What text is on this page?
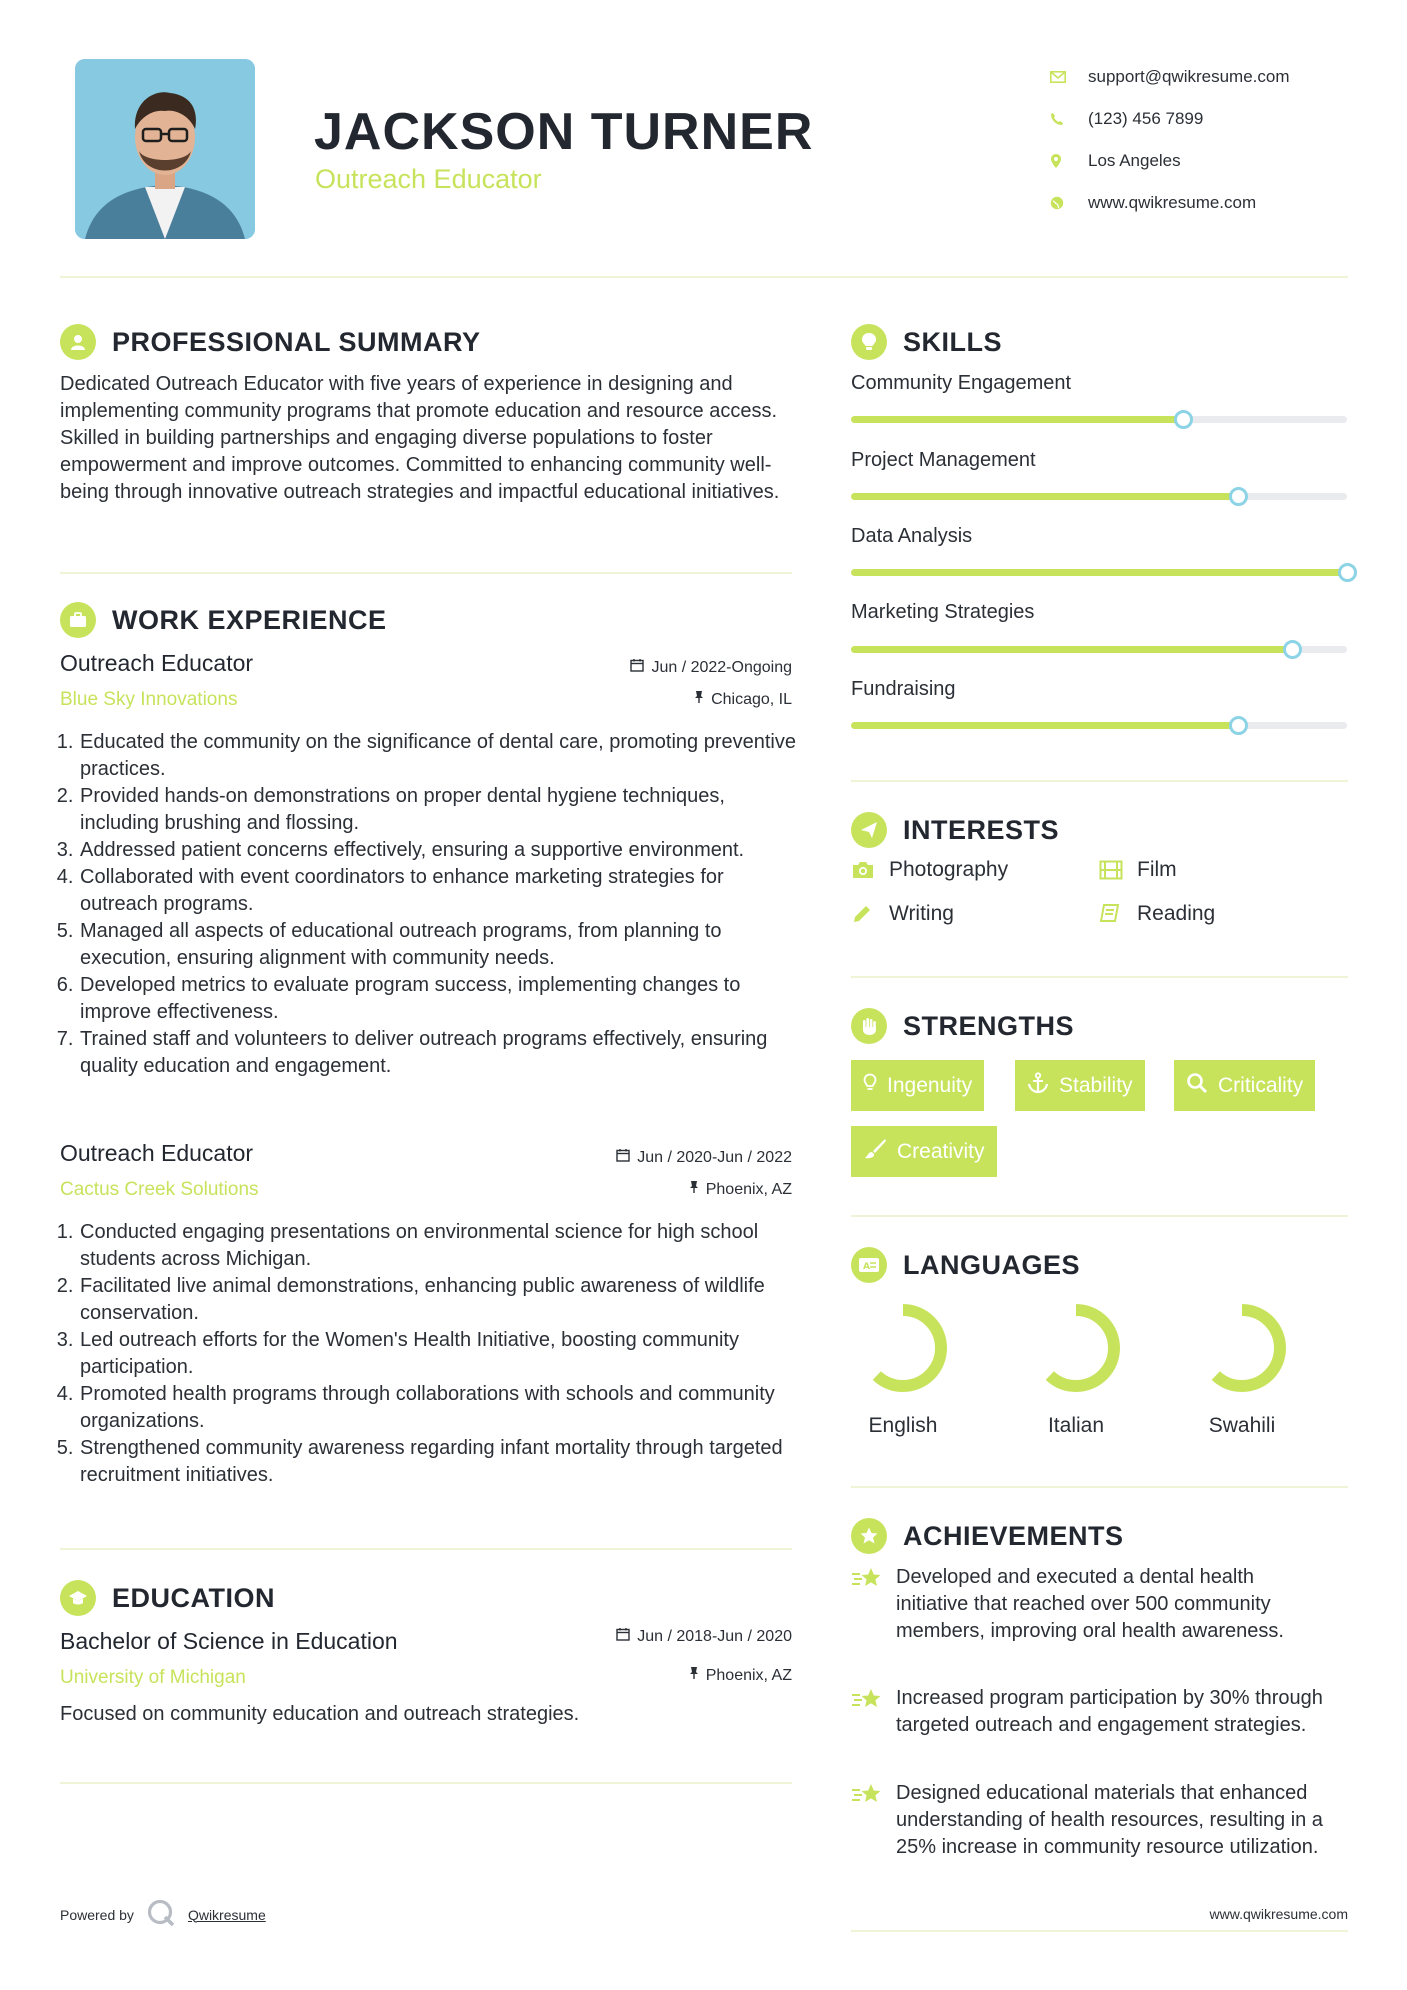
JACKSON TURNER
Outreach Educator
support@qwikresume.com
(123) 456 7899
Los Angeles
www.qwikresume.com
PROFESSIONAL SUMMARY
Dedicated Outreach Educator with five years of experience in designing and implementing community programs that promote education and resource access. Skilled in building partnerships and engaging diverse populations to foster empowerment and improve outcomes. Committed to enhancing community well-being through innovative outreach strategies and impactful educational initiatives.
WORK EXPERIENCE
Outreach Educator	Jun / 2022-Ongoing
Blue Sky Innovations	Chicago, IL
1. Educated the community on the significance of dental care, promoting preventive practices.
2. Provided hands-on demonstrations on proper dental hygiene techniques, including brushing and flossing.
3. Addressed patient concerns effectively, ensuring a supportive environment.
4. Collaborated with event coordinators to enhance marketing strategies for outreach programs.
5. Managed all aspects of educational outreach programs, from planning to execution, ensuring alignment with community needs.
6. Developed metrics to evaluate program success, implementing changes to improve effectiveness.
7. Trained staff and volunteers to deliver outreach programs effectively, ensuring quality education and engagement.
Outreach Educator	Jun / 2020-Jun / 2022
Cactus Creek Solutions	Phoenix, AZ
1. Conducted engaging presentations on environmental science for high school students across Michigan.
2. Facilitated live animal demonstrations, enhancing public awareness of wildlife conservation.
3. Led outreach efforts for the Women's Health Initiative, boosting community participation.
4. Promoted health programs through collaborations with schools and community organizations.
5. Strengthened community awareness regarding infant mortality through targeted recruitment initiatives.
EDUCATION
Bachelor of Science in Education	Jun / 2018-Jun / 2020
University of Michigan	Phoenix, AZ
Focused on community education and outreach strategies.
SKILLS
Community Engagement
Project Management
Data Analysis
Marketing Strategies
Fundraising
INTERESTS
Photography	Film
Writing	Reading
STRENGTHS
Ingenuity	Stability	Criticality
Creativity
A LANGUAGES
English	Italian	Swahili
ACHIEVEMENTS
Developed and executed a dental health initiative that reached over 500 community members, improving oral health awareness.
Increased program participation by 30% through targeted outreach and engagement strategies.
Designed educational materials that enhanced understanding of health resources, resulting in a 25% increase in community resource utilization.
Powered by	Qwikresume	www.qwikresume.com
